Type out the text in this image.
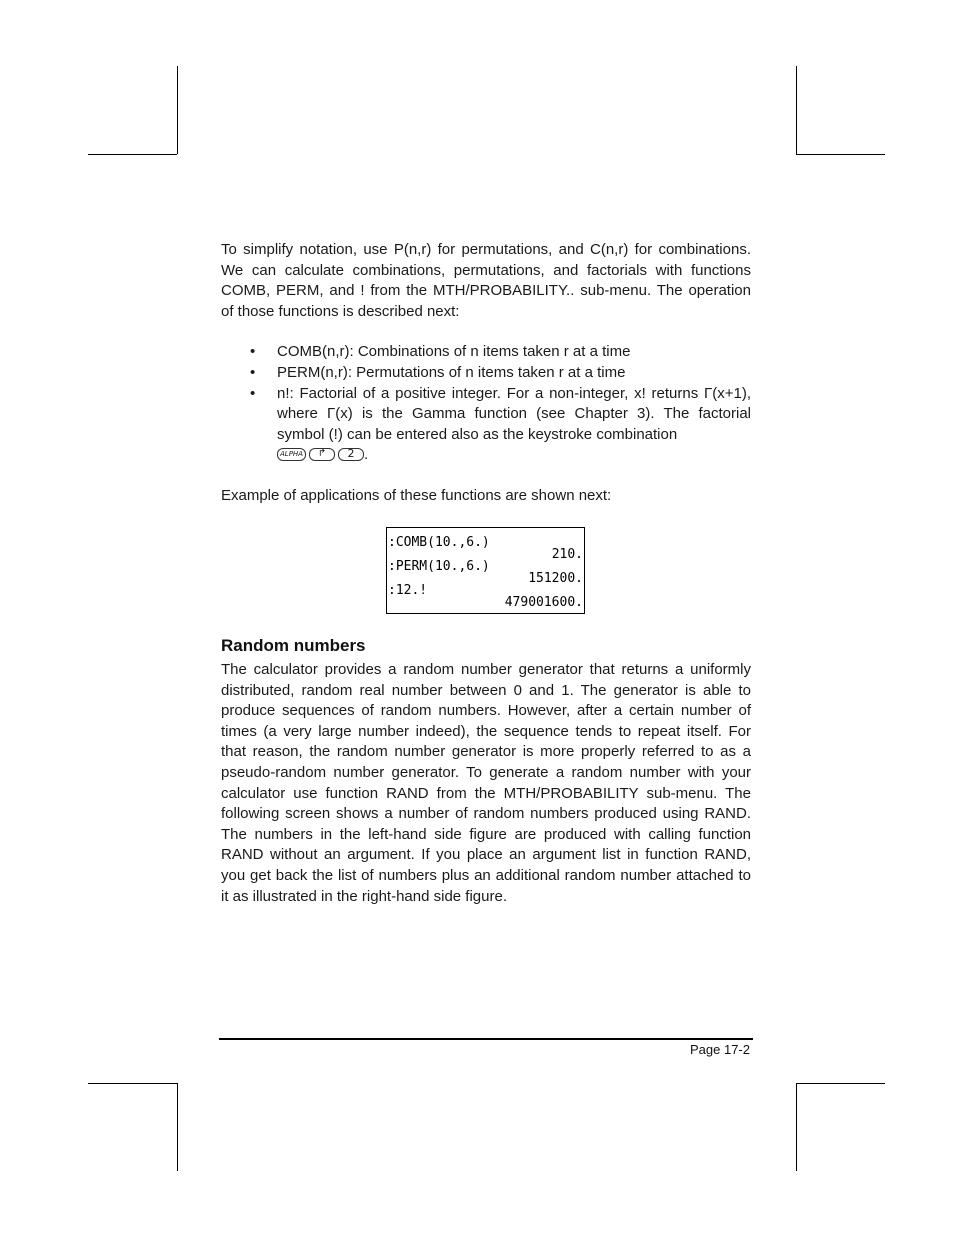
To simplify notation, use P(n,r) for permutations, and C(n,r) for combinations. We can calculate combinations, permutations, and factorials with functions COMB, PERM, and ! from the MTH/PROBABILITY.. sub-menu. The operation of those functions is described next:

• COMB(n,r): Combinations of n items taken r at a time
• PERM(n,r): Permutations of n items taken r at a time
• n!: Factorial of a positive integer. For a non-integer, x! returns Γ(x+1), where Γ(x) is the Gamma function (see Chapter 3). The factorial symbol (!) can be entered also as the keystroke combination

ALPHA	↱	2 .

Example of applications of these functions are shown next:

:COMB(10.,6.)
210.
:PERM(10.,6.)
151200.
:12.!
479001600.
Random numbers

The calculator provides a random number generator that returns a uniformly distributed, random real number between 0 and 1. The generator is able to produce sequences of random numbers. However, after a certain number of times (a very large number indeed), the sequence tends to repeat itself. For that reason, the random number generator is more properly referred to as a pseudo-random number generator. To generate a random number with your calculator use function RAND from the MTH/PROBABILITY sub-menu. The following screen shows a number of random numbers produced using RAND. The numbers in the left-hand side figure are produced with calling function RAND without an argument. If you place an argument list in function RAND, you get back the list of numbers plus an additional random number attached to it as illustrated in the right-hand side figure.

Page 17-2
